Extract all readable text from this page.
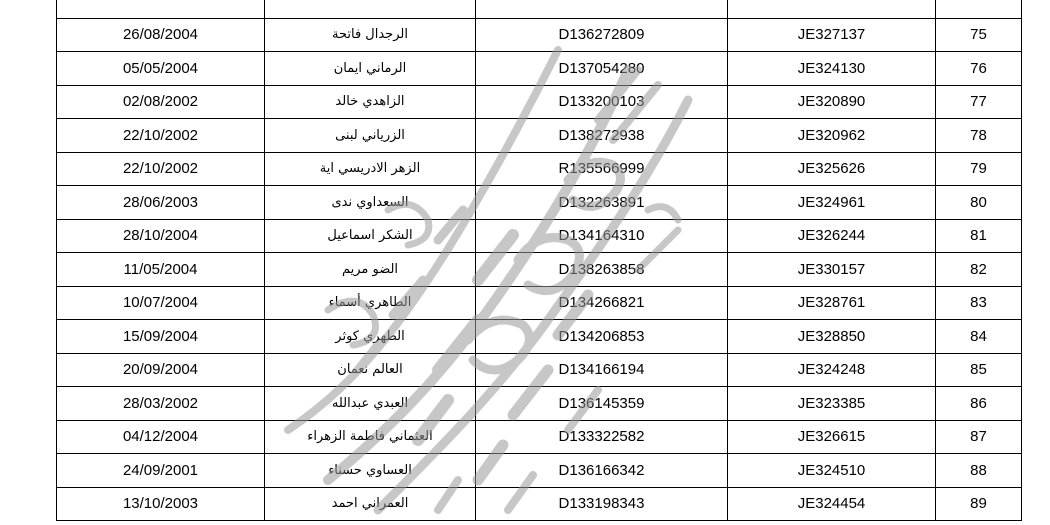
26/08/2004	الرجدال فاتحة	D136272809	JE327137	75
05/05/2004	الرماني ايمان	D137054280	JE324130	76
02/08/2002	الزاهدي خالد	D133200103	JE320890	77
22/10/2002	الزرياني لبنى	D138272938	JE320962	78
22/10/2002	الزهر الادريسي اية	R135566999	JE325626	79
28/06/2003	السعداوي ندى	D132263891	JE324961	80
28/10/2004	الشكر اسماعيل	D134164310	JE326244	81
11/05/2004	الضو مريم	D138263858	JE330157	82
10/07/2004	الطاهري أسماء	D134266821	JE328761	83
15/09/2004	الطهري كوثر	D134206853	JE328850	84
20/09/2004	العالم نعمان	D134166194	JE324248	85
28/03/2002	العبدي عبدالله	D136145359	JE323385	86
04/12/2004	العثماني فاطمة الزهراء	D133322582	JE326615	87
24/09/2001	العساوي حسناء	D136166342	JE324510	88
13/10/2003	العمراني احمد	D133198343	JE324454	89
